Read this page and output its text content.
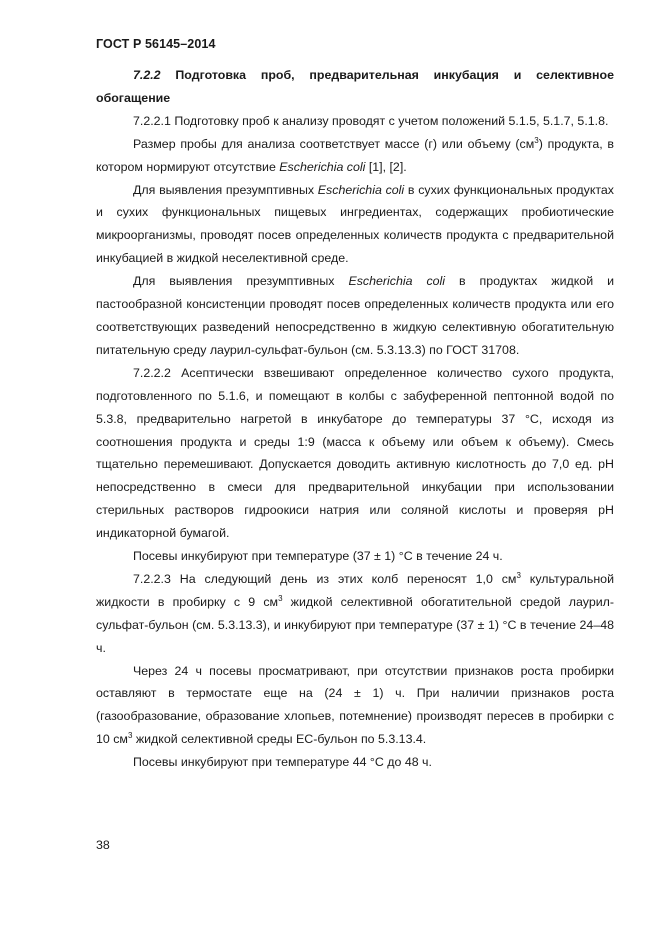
ГОСТ Р 56145–2014

7.2.2 Подготовка проб, предварительная инкубация и селективное обогащение

7.2.2.1 Подготовку проб к анализу проводят с учетом положений 5.1.5, 5.1.7, 5.1.8.

Размер пробы для анализа соответствует массе (г) или объему $(см^3)$ продукта, в котором нормируют отсутствие Escherichia coli [1], [2].

Для выявления презумптивных Escherichia coli в сухих функциональных продуктах и сухих функциональных пищевых ингредиентах, содержащих пробиотические микроорганизмы, проводят посев определенных количеств продукта с предварительной инкубацией в жидкой неселективной среде.

Для выявления презумптивных Escherichia coli в продуктах жидкой и пастообразной консистенции проводят посев определенных количеств продукта или его соответствующих разведений непосредственно в жидкую селективную обогатительную питательную среду лаурил-сульфат-бульон (см. 5.3.13.3) по ГОСТ 31708.

7.2.2.2 Асептически взвешивают определенное количество сухого продукта, подготовленного по 5.1.6, и помещают в колбы с забуференной пептонной водой по 5.3.8, предварительно нагретой в инкубаторе до температуры 37 °С, исходя из соотношения продукта и среды 1:9 (масса к объему или объем к объему). Смесь тщательно перемешивают. Допускается доводить активную кислотность до 7,0 ед. pH непосредственно в смеси для предварительной инкубации при использовании стерильных растворов гидроокиси натрия или соляной кислоты и проверяя pH индикаторной бумагой.

Посевы инкубируют при температуре (37 ± 1) °С в течение 24 ч.

7.2.2.3 На следующий день из этих колб переносят 1,0 $см^3$ культуральной жидкости в пробирку с 9 $см^3$ жидкой селективной обогатительной средой лаурил-сульфат-бульон (см. 5.3.13.3), и инкубируют при температуре (37 ± 1) °С в течение 24–48 ч.

Через 24 ч посевы просматривают, при отсутствии признаков роста пробирки оставляют в термостате еще на (24 ± 1) ч. При наличии признаков роста (газообразование, образование хлопьев, потемнение) производят пересев в пробирки с 10 $см^3$ жидкой селективной среды ЕС-бульон по 5.3.13.4.

Посевы инкубируют при температуре 44 °С до 48 ч.

38
